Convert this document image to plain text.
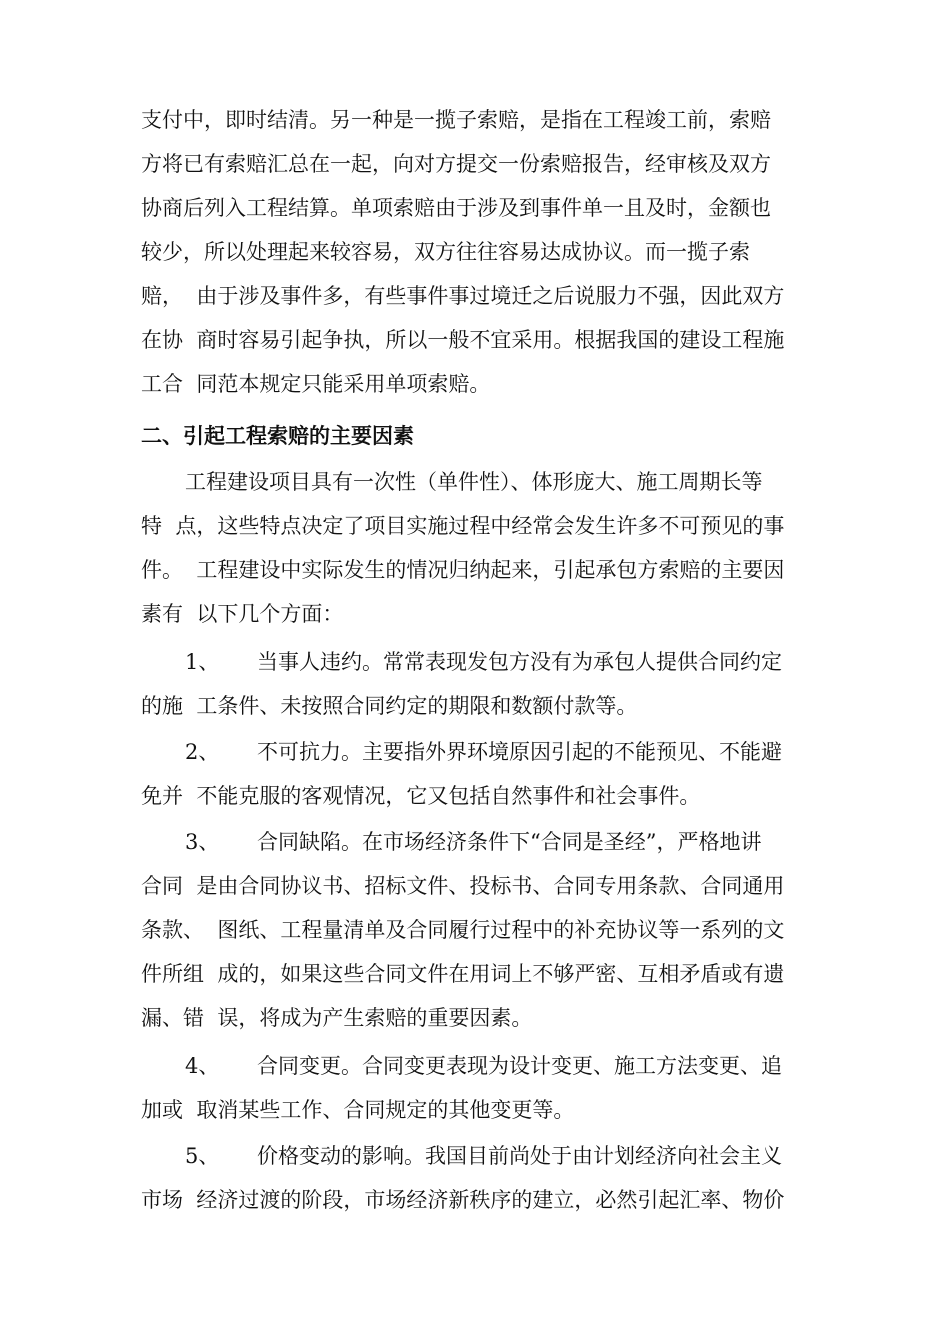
支付中，即时结清。另一种是一揽子索赔，是指在工程竣工前，索赔

方将已有索赔汇总在一起，向对方提交一份索赔报告，经审核及双方

协商后列入工程结算。单项索赔由于涉及到事件单一且及时，金额也

较少，所以处理起来较容易，双方往往容易达成协议。而一揽子索

赔，  由于涉及事件多，有些事件事过境迁之后说服力不强，因此双方

在协  商时容易引起争执，所以一般不宜采用。根据我国的建设工程施

工合  同范本规定只能采用单项索赔。

二、引起工程索赔的主要因素

工程建设项目具有一次性（单件性）、体形庞大、施工周期长等

特  点，这些特点决定了项目实施过程中经常会发生许多不可预见的事

件。  工程建设中实际发生的情况归纳起来，引起承包方索赔的主要因

素有  以下几个方面：

1、 当事人违约。常常表现发包方没有为承包人提供合同约定

的施  工条件、未按照合同约定的期限和数额付款等。

2、 不可抗力。主要指外界环境原因引起的不能预见、不能避

免并  不能克服的客观情况，它又包括自然事件和社会事件。

3、 合同缺陷。在市场经济条件下“合同是圣经”，严格地讲

合同  是由合同协议书、招标文件、投标书、合同专用条款、合同通用

条款、  图纸、工程量清单及合同履行过程中的补充协议等一系列的文

件所组  成的，如果这些合同文件在用词上不够严密、互相矛盾或有遗

漏、错  误，将成为产生索赔的重要因素。

4、 合同变更。合同变更表现为设计变更、施工方法变更、追

加或  取消某些工作、合同规定的其他变更等。

5、 价格变动的影响。我国目前尚处于由计划经济向社会主义

市场  经济过渡的阶段，市场经济新秩序的建立，必然引起汇率、物价
